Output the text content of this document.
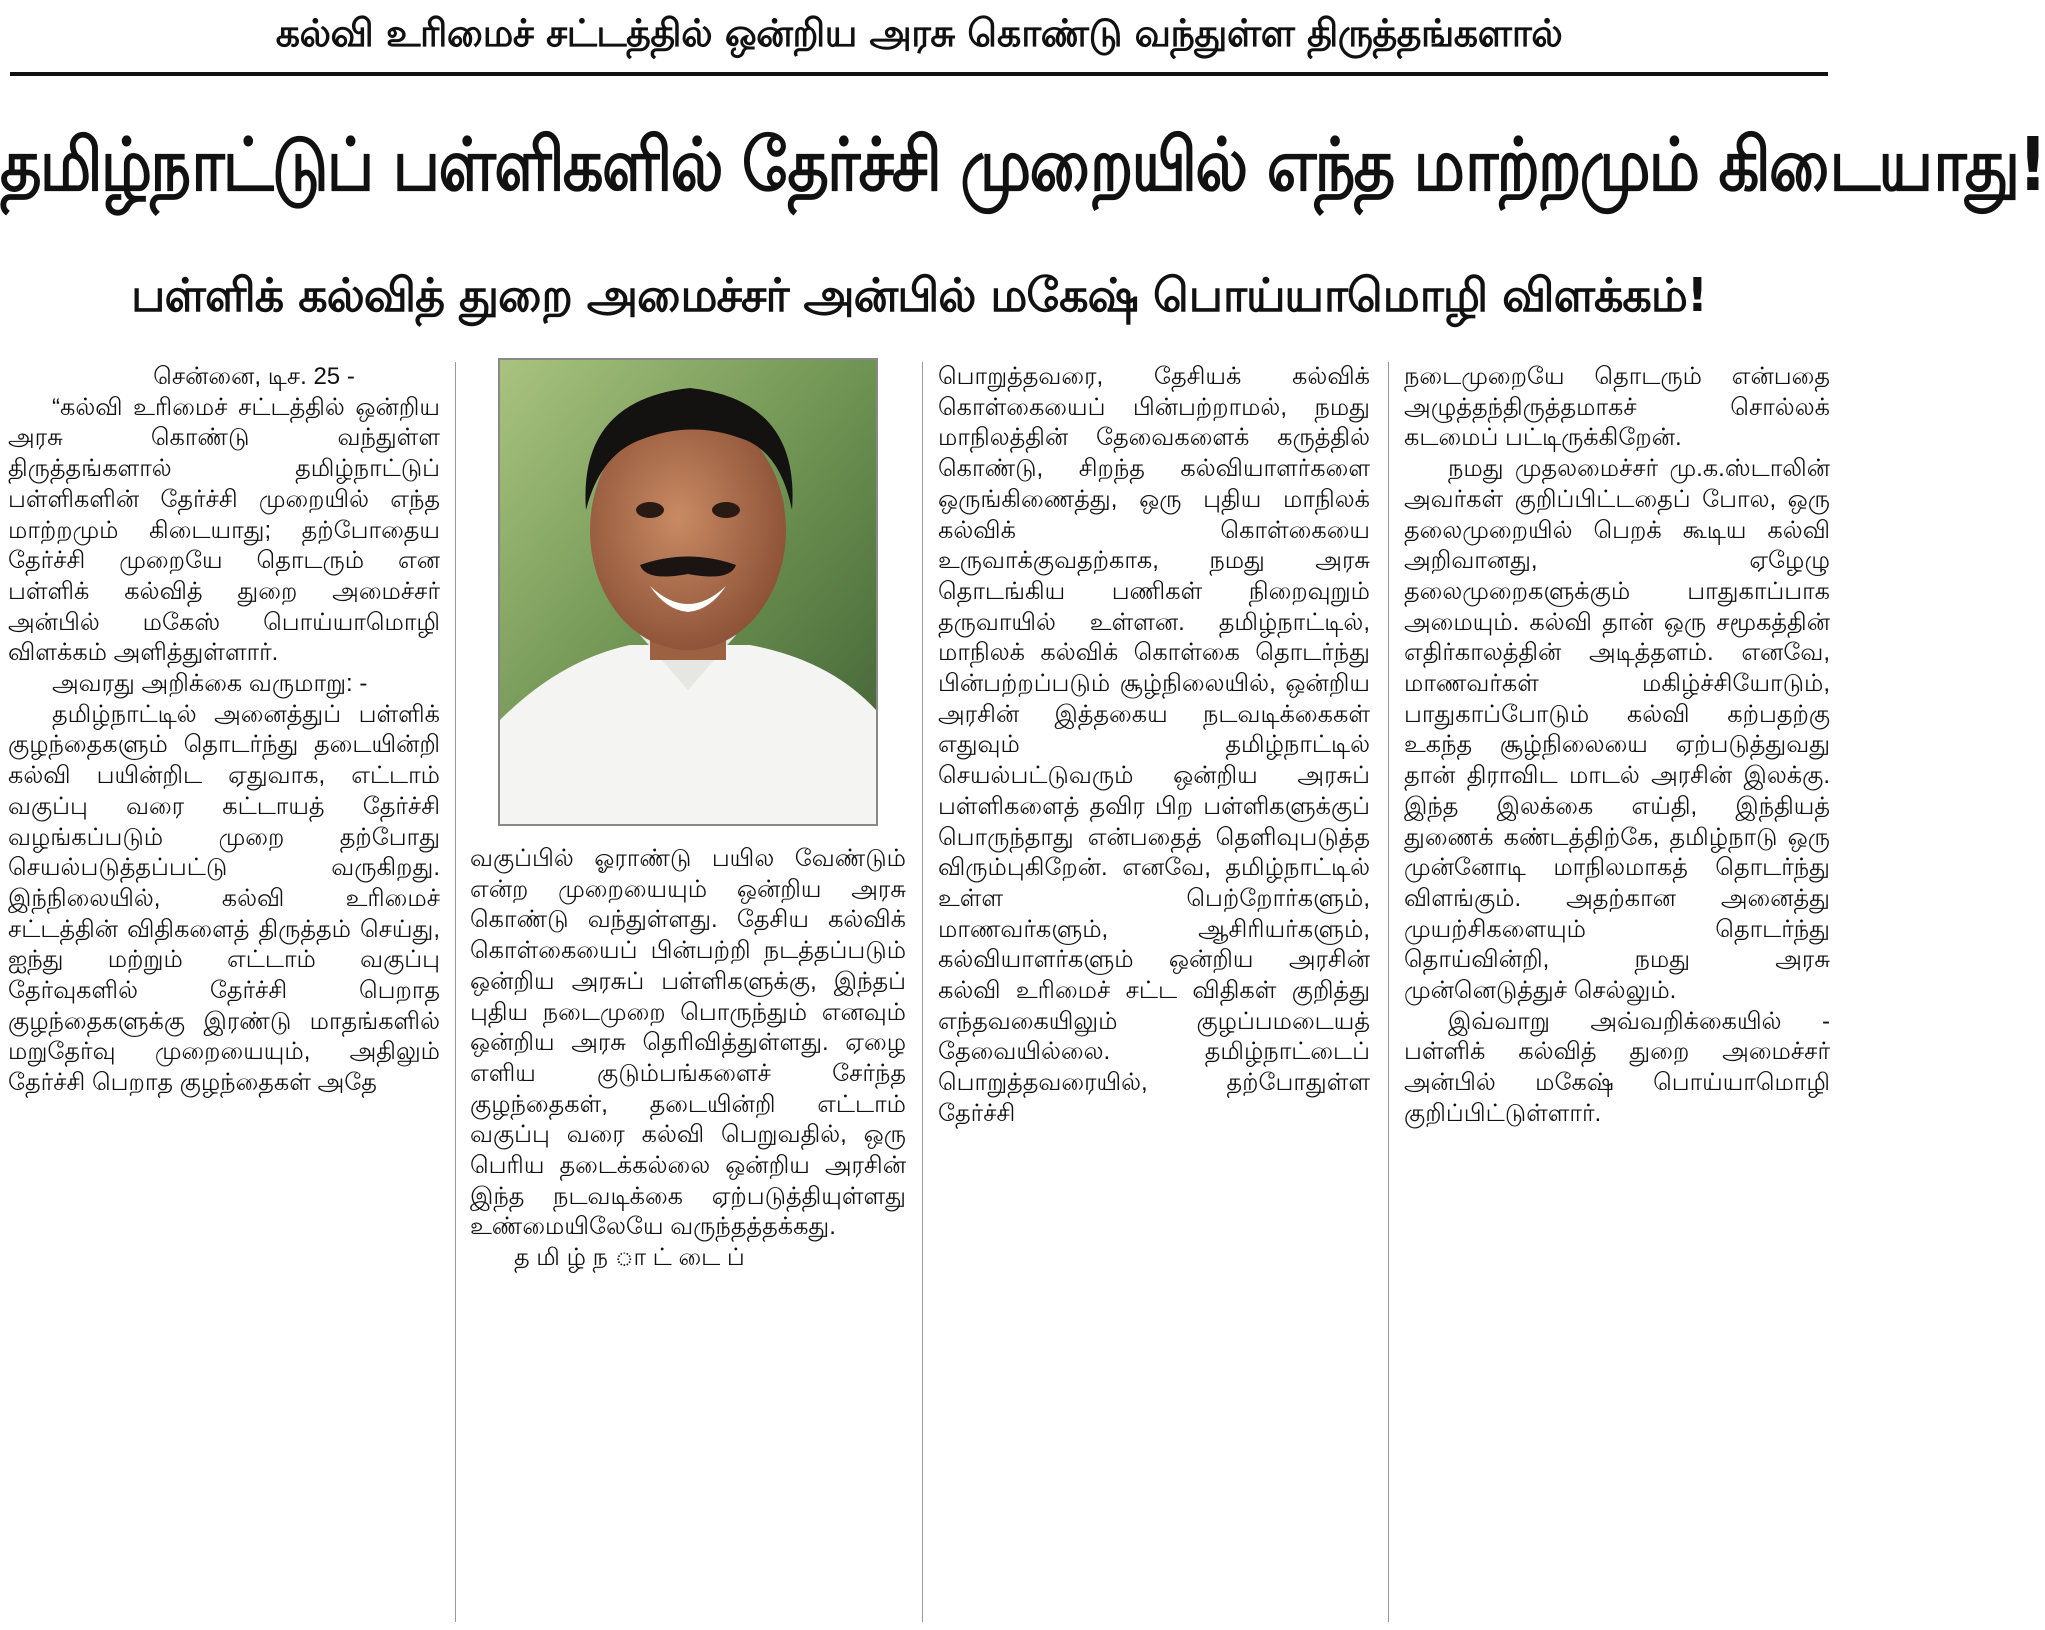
கல்வி உரிமைச் சட்டத்தில் ஒன்றிய அரசு கொண்டு வந்துள்ள திருத்தங்களால்
தமிழ்நாட்டுப் பள்ளிகளில் தேர்ச்சி முறையில் எந்த மாற்றமும் கிடையாது!
பள்ளிக் கல்வித் துறை அமைச்சர் அன்பில் மகேஷ் பொய்யாமொழி விளக்கம்!

சென்னை, டிச. 25 -

“கல்வி உரிமைச் சட்டத்தில் ஒன்றிய அரசு கொண்டு வந்துள்ள திருத்தங்களால் தமிழ்நாட்டுப் பள்ளிகளின் தேர்ச்சி முறையில் எந்த மாற்றமும் கிடையாது; தற்போதைய தேர்ச்சி முறையே தொடரும் என பள்ளிக் கல்வித் துறை அமைச்சர் அன்பில் மகேஸ் பொய்யாமொழி விளக்கம் அளித்துள்ளார்.

அவரது அறிக்கை வருமாறு: -

தமிழ்நாட்டில் அனைத்துப் பள்ளிக் குழந்தைகளும் தொடர்ந்து தடையின்றி கல்வி பயின்றிட ஏதுவாக, எட்டாம் வகுப்பு வரை கட்டாயத் தேர்ச்சி வழங்கப்படும் முறை தற்போது செயல்படுத்தப்பட்டு வருகிறது. இந்நிலையில், கல்வி உரிமைச் சட்டத்தின் விதிகளைத் திருத்தம் செய்து, ஐந்து மற்றும் எட்டாம் வகுப்பு தேர்வுகளில் தேர்ச்சி பெறாத குழந்தைகளுக்கு இரண்டு மாதங்களில் மறுதேர்வு முறையையும், அதிலும் தேர்ச்சி பெறாத குழந்தைகள் அதே

வகுப்பில் ஓராண்டு பயில வேண்டும் என்ற முறையையும் ஒன்றிய அரசு கொண்டு வந்துள்ளது. தேசிய கல்விக் கொள்கையைப் பின்பற்றி நடத்தப்படும் ஒன்றிய அரசுப் பள்ளிகளுக்கு, இந்தப் புதிய நடைமுறை பொருந்தும் எனவும் ஒன்றிய அரசு தெரிவித்துள்ளது. ஏழை எளிய குடும்பங்களைச் சேர்ந்த குழந்தைகள், தடையின்றி எட்டாம் வகுப்பு வரை கல்வி பெறுவதில், ஒரு பெரிய தடைக்கல்லை ஒன்றிய அரசின் இந்த நடவடிக்கை ஏற்படுத்தியுள்ளது உண்மையிலேயே வருந்தத்தக்கது.

த மி ழ் ந ா ட் டை ப்

பொறுத்தவரை, தேசியக் கல்விக் கொள்கையைப் பின்பற்றாமல், நமது மாநிலத்தின் தேவைகளைக் கருத்தில் கொண்டு, சிறந்த கல்வியாளர்களை ஒருங்கிணைத்து, ஒரு புதிய மாநிலக் கல்விக் கொள்கையை உருவாக்குவதற்காக, நமது அரசு தொடங்கிய பணிகள் நிறைவுறும் தருவாயில் உள்ளன. தமிழ்நாட்டில், மாநிலக் கல்விக் கொள்கை தொடர்ந்து பின்பற்றப்படும் சூழ்நிலையில், ஒன்றிய அரசின் இத்தகைய நடவடிக்கைகள் எதுவும் தமிழ்நாட்டில் செயல்பட்டுவரும் ஒன்றிய அரசுப் பள்ளிகளைத் தவிர பிற பள்ளிகளுக்குப் பொருந்தாது என்பதைத் தெளிவுபடுத்த விரும்புகிறேன். எனவே, தமிழ்நாட்டில் உள்ள பெற்றோர்களும், மாணவர்களும், ஆசிரியர்களும், கல்வியாளர்களும் ஒன்றிய அரசின் கல்வி உரிமைச் சட்ட விதிகள் குறித்து எந்தவகையிலும் குழப்பமடையத் தேவையில்லை. தமிழ்நாட்டைப் பொறுத்தவரையில், தற்போதுள்ள தேர்ச்சி

நடைமுறையே தொடரும் என்பதை அழுத்தந்திருத்தமாகச் சொல்லக் கடமைப் பட்டிருக்கிறேன்.

நமது முதலமைச்சர் மு.க.ஸ்டாலின் அவர்கள் குறிப்பிட்டதைப் போல, ஒரு தலைமுறையில் பெறக் கூடிய கல்வி அறிவானது, ஏழேழு தலைமுறைகளுக்கும் பாதுகாப்பாக அமையும். கல்வி தான் ஒரு சமூகத்தின் எதிர்காலத்தின் அடித்தளம். எனவே, மாணவர்கள் மகிழ்ச்சியோடும், பாதுகாப்போடும் கல்வி கற்பதற்கு உகந்த சூழ்நிலையை ஏற்படுத்துவது தான் திராவிட மாடல் அரசின் இலக்கு. இந்த இலக்கை எய்தி, இந்தியத் துணைக் கண்டத்திற்கே, தமிழ்நாடு ஒரு முன்னோடி மாநிலமாகத் தொடர்ந்து விளங்கும். அதற்கான அனைத்து முயற்சிகளையும் தொடர்ந்து தொய்வின்றி, நமது அரசு முன்னெடுத்துச் செல்லும்.

இவ்வாறு அவ்வறிக்கையில் - பள்ளிக் கல்வித் துறை அமைச்சர் அன்பில் மகேஷ் பொய்யாமொழி குறிப்பிட்டுள்ளார்.
